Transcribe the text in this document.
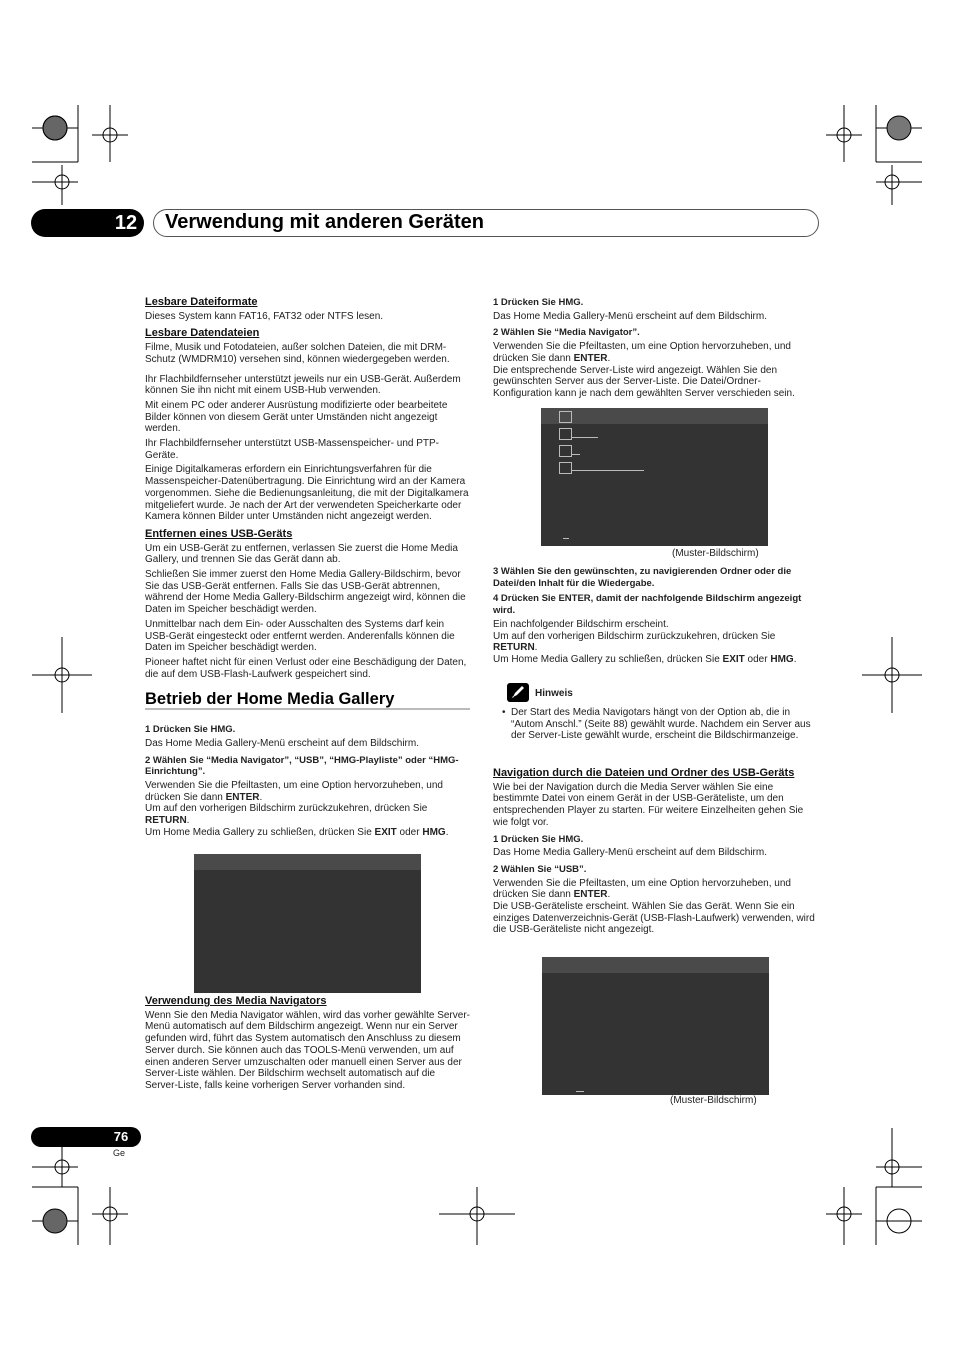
12	Verwendung mit anderen Geräten
Lesbare Dateiformate

Dieses System kann FAT16, FAT32 oder NTFS lesen.

Lesbare Datendateien

Filme, Musik und Fotodateien, außer solchen Dateien, die mit DRM-Schutz (WMDRM10) versehen sind, können wiedergegeben werden.

Ihr Flachbildfernseher unterstützt jeweils nur ein USB-Gerät. Außerdem können Sie ihn nicht mit einem USB-Hub verwenden.

Mit einem PC oder anderer Ausrüstung modifizierte oder bearbeitete Bilder können von diesem Gerät unter Umständen nicht angezeigt werden.

Ihr Flachbildfernseher unterstützt USB-Massenspeicher- und PTP-Geräte.

Einige Digitalkameras erfordern ein Einrichtungsverfahren für die Massenspeicher-Datenübertragung. Die Einrichtung wird an der Kamera vorgenommen. Siehe die Bedienungsanleitung, die mit der Digitalkamera mitgeliefert wurde. Je nach der Art der verwendeten Speicherkarte oder Kamera können Bilder unter Umständen nicht angezeigt werden.

Entfernen eines USB-Geräts

Um ein USB-Gerät zu entfernen, verlassen Sie zuerst die Home Media Gallery, und trennen Sie das Gerät dann ab.

Schließen Sie immer zuerst den Home Media Gallery-Bildschirm, bevor Sie das USB-Gerät entfernen. Falls Sie das USB-Gerät abtrennen, während der Home Media Gallery-Bildschirm angezeigt wird, können die Daten im Speicher beschädigt werden.

Unmittelbar nach dem Ein- oder Ausschalten des Systems darf kein USB-Gerät eingesteckt oder entfernt werden. Anderenfalls können die Daten im Speicher beschädigt werden.

Pioneer haftet nicht für einen Verlust oder eine Beschädigung der Daten, die auf dem USB-Flash-Laufwerk gespeichert sind.

Betrieb der Home Media Gallery
1 Drücken Sie HMG.

Das Home Media Gallery-Menü erscheint auf dem Bildschirm.

2 Wählen Sie “Media Navigator”, “USB”, “HMG-Playliste” oder “HMG-Einrichtung”.

Verwenden Sie die Pfeiltasten, um eine Option hervorzuheben, und drücken Sie dann ENTER.

Um auf den vorherigen Bildschirm zurückzukehren, drücken Sie RETURN.

Um Home Media Gallery zu schließen, drücken Sie EXIT oder HMG.

Verwendung des Media Navigators

Wenn Sie den Media Navigator wählen, wird das vorher gewählte Server-Menü automatisch auf dem Bildschirm angezeigt. Wenn nur ein Server gefunden wird, führt das System automatisch den Anschluss zu diesem Server durch. Sie können auch das TOOLS-Menü verwenden, um auf einen anderen Server umzuschalten oder manuell einen Server aus der Server-Liste wählen. Der Bildschirm wechselt automatisch auf die Server-Liste, falls keine vorherigen Server vorhanden sind.

1 Drücken Sie HMG.

Das Home Media Gallery-Menü erscheint auf dem Bildschirm.

2 Wählen Sie “Media Navigator”.

Verwenden Sie die Pfeiltasten, um eine Option hervorzuheben, und drücken Sie dann ENTER.

Die entsprechende Server-Liste wird angezeigt. Wählen Sie den gewünschten Server aus der Server-Liste. Die Datei/Ordner-Konfiguration kann je nach dem gewählten Server verschieden sein.

(Muster-Bildschirm)
3 Wählen Sie den gewünschten, zu navigierenden Ordner oder die Datei/den Inhalt für die Wiedergabe.
4 Drücken Sie ENTER, damit der nachfolgende Bildschirm angezeigt wird.

Ein nachfolgender Bildschirm erscheint.

Um auf den vorherigen Bildschirm zurückzukehren, drücken Sie RETURN.

Um Home Media Gallery zu schließen, drücken Sie EXIT oder HMG.

Hinweis
• Der Start des Media Navigotars hängt von der Option ab, die in “Autom Anschl.” (Seite 88) gewählt wurde. Nachdem ein Server aus der Server-Liste gewählt wurde, erscheint die Bildschirmanzeige.
Navigation durch die Dateien und Ordner des USB-Geräts

Wie bei der Navigation durch die Media Server wählen Sie eine bestimmte Datei von einem Gerät in der USB-Geräteliste, um den entsprechenden Player zu starten. Für weitere Einzelheiten gehen Sie wie folgt vor.

1 Drücken Sie HMG.

Das Home Media Gallery-Menü erscheint auf dem Bildschirm.

2 Wählen Sie “USB”.

Verwenden Sie die Pfeiltasten, um eine Option hervorzuheben, und drücken Sie dann ENTER.

Die USB-Geräteliste erscheint. Wählen Sie das Gerät. Wenn Sie ein einziges Datenverzeichnis-Gerät (USB-Flash-Laufwerk) verwenden, wird die USB-Geräteliste nicht angezeigt.

(Muster-Bildschirm)
76
Ge
